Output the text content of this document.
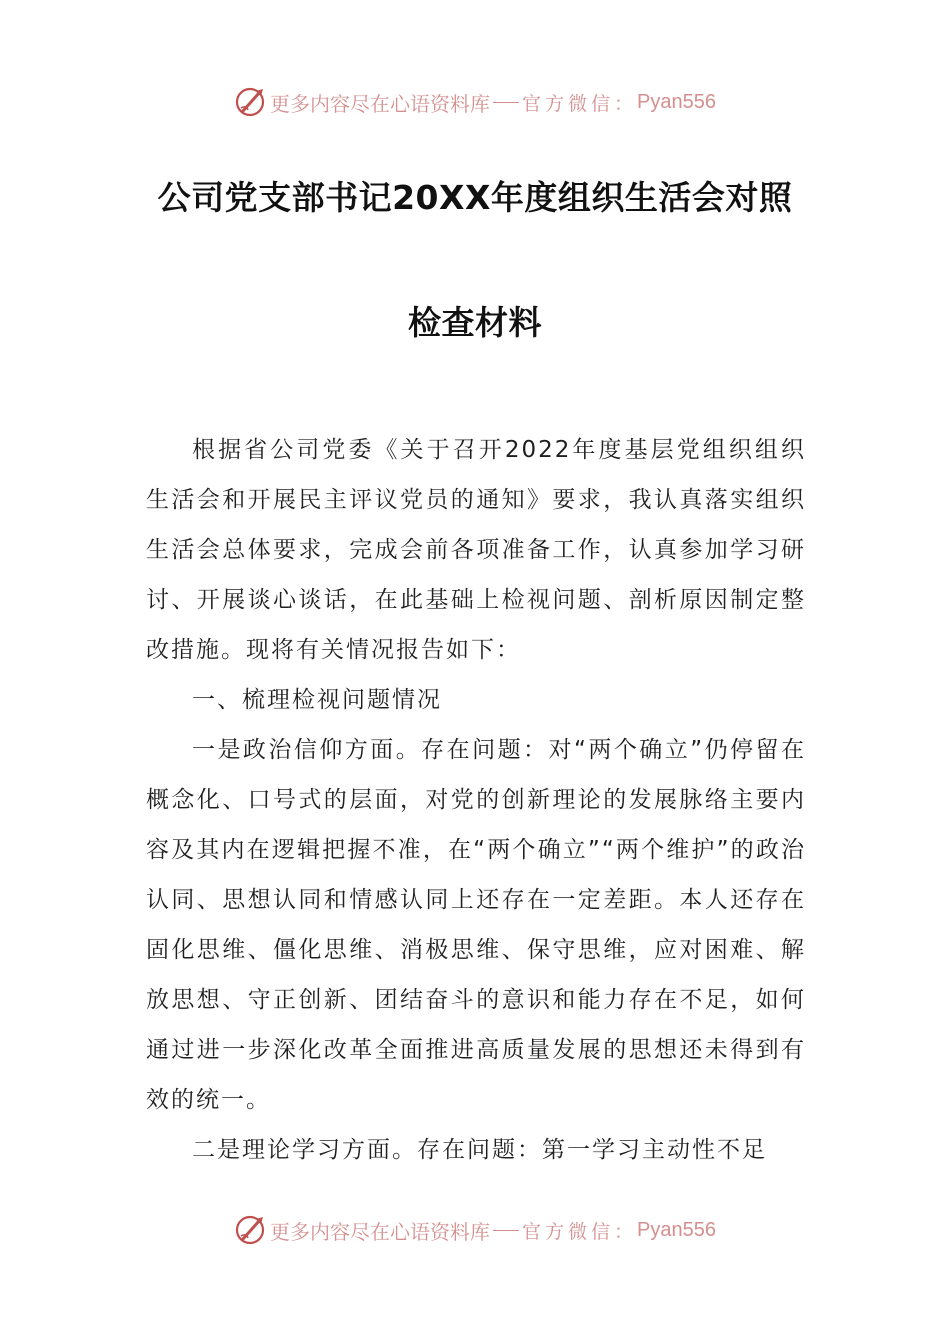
更多内容尽在心语资料库 官方微信： Pyan556
公司党支部书记20XX年度组织生活会对照
检查材料

根据省公司党委《关于召开2022年度基层党组织组织生活会和开展民主评议党员的通知》要求，我认真落实组织生活会总体要求，完成会前各项准备工作，认真参加学习研讨、开展谈心谈话，在此基础上检视问题、剖析原因制定整改措施。现将有关情况报告如下：

一、梳理检视问题情况

一是政治信仰方面。存在问题：对“两个确立”仍停留在概念化、口号式的层面，对党的创新理论的发展脉络主要内容及其内在逻辑把握不准，在“两个确立”“两个维护”的政治认同、思想认同和情感认同上还存在一定差距。本人还存在固化思维、僵化思维、消极思维、保守思维，应对困难、解放思想、守正创新、团结奋斗的意识和能力存在不足，如何通过进一步深化改革全面推进高质量发展的思想还未得到有效的统一。

二是理论学习方面。存在问题：第一学习主动性不足

更多内容尽在心语资料库 官方微信： Pyan556
